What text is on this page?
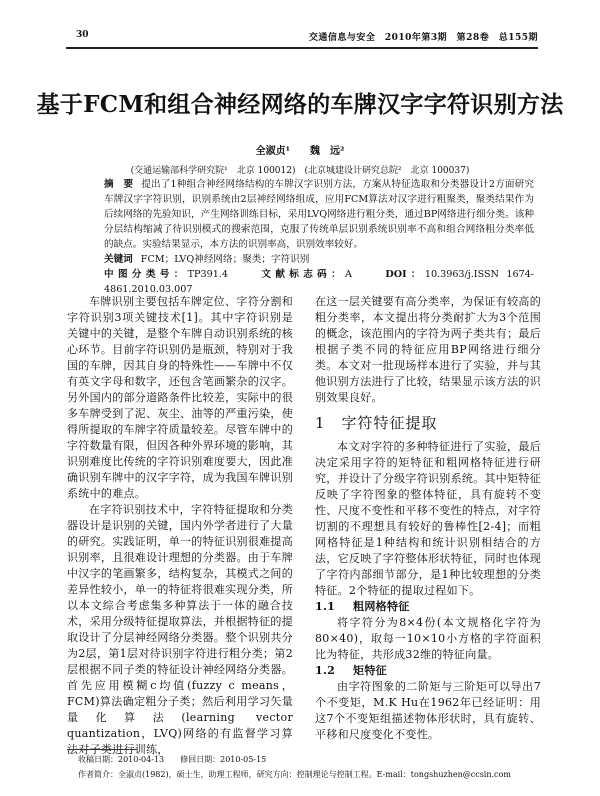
30	交通信息与安全　2010年第3期　第28卷　总155期
基于FCM和组合神经网络的车牌汉字字符识别方法
全淑贞¹　　魏　远²
(交通运输部科学研究院¹　北京 100012)　(北京城建设计研究总院²　北京 100037)

摘　要 提出了1种组合神经网络结构的车牌汉字识别方法，方案从特征选取和分类器设计2方面研究车牌汉字字符识别，识别系统由2层神经网络组成，应用FCM算法对汉字进行粗聚类，聚类结果作为后续网络的先验知识，产生网络训练目标，采用LVQ网络进行粗分类，通过BP网络进行细分类。该种分层结构缩减了待识别模式的搜索范围，克服了传统单层识别系统识别率不高和组合网络粗分类率低的缺点。实验结果显示，本方法的识别率高，识别效率较好。

关键词 FCM；LVQ神经网络；聚类；字符识别

中图分类号：TP391.4	文献标志码：A	DOI：10.3963/j.ISSN 1674-4861.2010.03.007

车牌识别主要包括车牌定位、字符分割和字符识别3项关键技术[1]。其中字符识别是关键中的关键，是整个车牌自动识别系统的核心环节。目前字符识别仍是瓶颈，特别对于我国的车牌，因其自身的特殊性——车牌中不仅有英文字母和数字，还包含笔画繁杂的汉字。另外国内的部分道路条件比较差，实际中的很多车牌受到了泥、灰尘、油等的严重污染，使得所提取的车牌字符质量较差。尽管车牌中的字符数量有限，但因各种外界环境的影响，其识别难度比传统的字符识别难度要大，因此准确识别车牌中的汉字字符，成为我国车牌识别系统中的难点。

在字符识别技术中，字符特征提取和分类器设计是识别的关键，国内外学者进行了大量的研究。实践证明，单一的特征识别很难提高识别率，且很难设计理想的分类器。由于车牌中汉字的笔画繁多，结构复杂，其模式之间的差异性较小，单一的特征将很难实现分类，所以本文综合考虑集多种算法于一体的融合技术，采用分级特征提取算法，并根据特征的提取设计了分层神经网络分类器。整个识别共分为2层，第1层对待识别字符进行粗分类；第2层根据不同子类的特征设计神经网络分类器。首先应用模糊c均值(fuzzy c means，FCM)算法确定粗分子类；然后利用学习矢量量化算法(learning vector quantization，LVQ)网络的有监督学习算法对子类进行训练，

在这一层关键要有高分类率，为保证有较高的粗分类率，本文提出将分类耐扩大为3个范围的概念，该范围内的字符为两子类共有；最后根据子类不同的特征应用BP网络进行细分类。本文对一批现场样本进行了实验，并与其他识别方法进行了比较，结果显示该方法的识别效果良好。

1 字符特征提取

本文对字符的多种特征进行了实验，最后决定采用字符的矩特征和粗网格特征进行研究，并设计了分级字符识别系统。其中矩特征反映了字符图象的整体特征，具有旋转不变性、尺度不变性和平移不变性的特点，对字符切割的不理想具有较好的鲁棒性[2-4]；而粗网格特征是1种结构和统计识别相结合的方法，它反映了字符整体形状特征，同时也体现了字符内部细节部分，是1种比较理想的分类特征。2个特征的提取过程如下。

1.1 粗网格特征

将字符分为8×4份(本文规格化字符为80×40)，取每一10×10小方格的字符面积比为特征，共形成32维的特征向量。

1.2 矩特征

由字符图象的二阶矩与三阶矩可以导出7个不变矩，M.K Hu在1962年已经证明：用这7个不变矩组描述物体形状时，具有旋转、平移和尺度变化不变性。

收稿日期：2010-04-13　　修回日期：2010-05-15
作者简介：全淑贞(1982)，硕士生，助理工程师，研究方向：控制理论与控制工程。E-mail：tongshuzhen@ccsin.com
